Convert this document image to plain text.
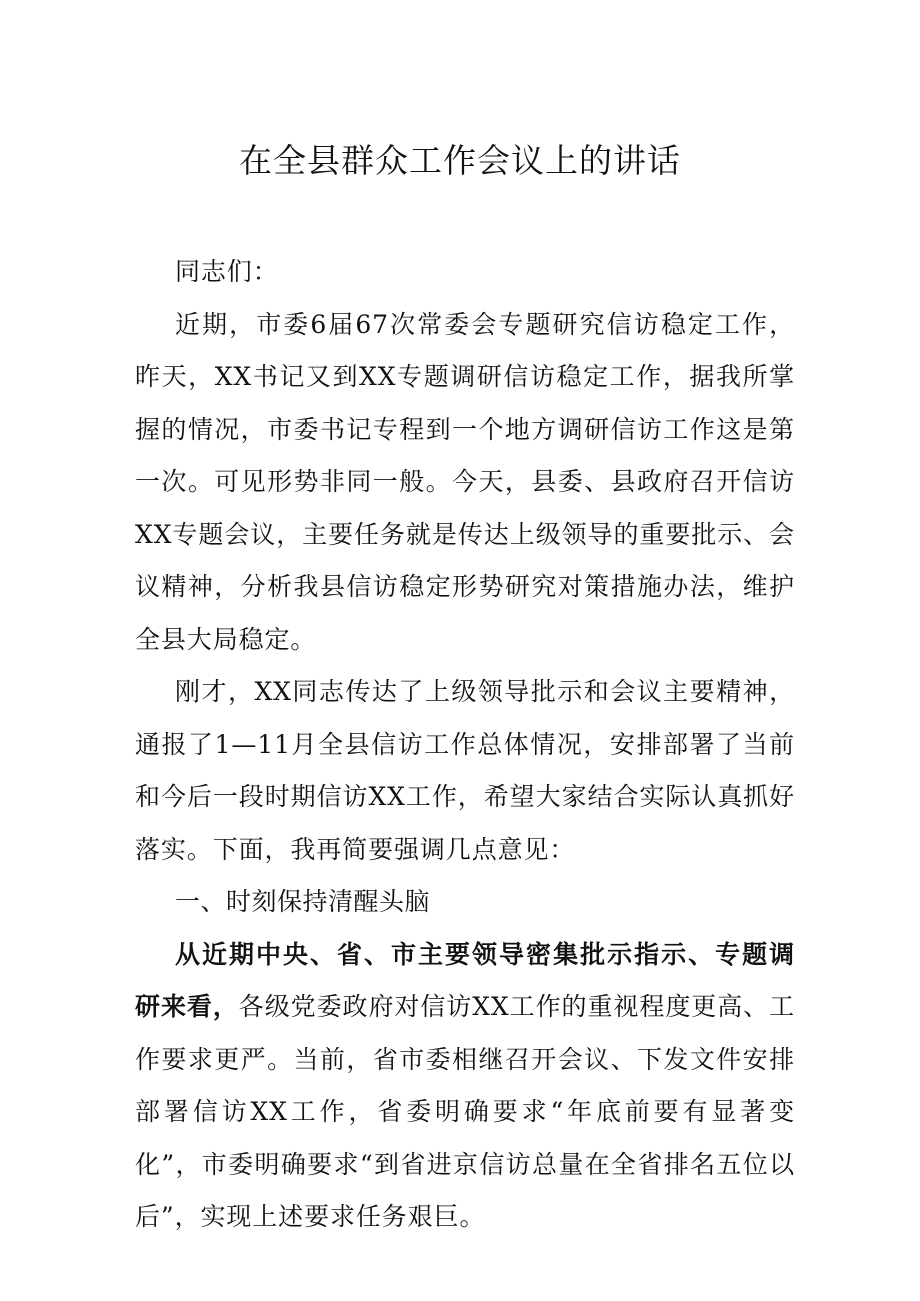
在全县群众工作会议上的讲话

同志们：

近期，市委6届67次常委会专题研究信访稳定工作，昨天，XX书记又到XX专题调研信访稳定工作，据我所掌握的情况，市委书记专程到一个地方调研信访工作这是第一次。可见形势非同一般。今天，县委、县政府召开信访XX专题会议，主要任务就是传达上级领导的重要批示、会议精神，分析我县信访稳定形势研究对策措施办法，维护全县大局稳定。

刚才，XX同志传达了上级领导批示和会议主要精神，通报了1—11月全县信访工作总体情况，安排部署了当前和今后一段时期信访XX工作，希望大家结合实际认真抓好落实。下面，我再简要强调几点意见：

一、时刻保持清醒头脑

从近期中央、省、市主要领导密集批示指示、专题调研来看，各级党委政府对信访XX工作的重视程度更高、工作要求更严。当前，省市委相继召开会议、下发文件安排部署信访XX工作，省委明确要求“年底前要有显著变化”，市委明确要求“到省进京信访总量在全省排名五位以后”，实现上述要求任务艰巨。
